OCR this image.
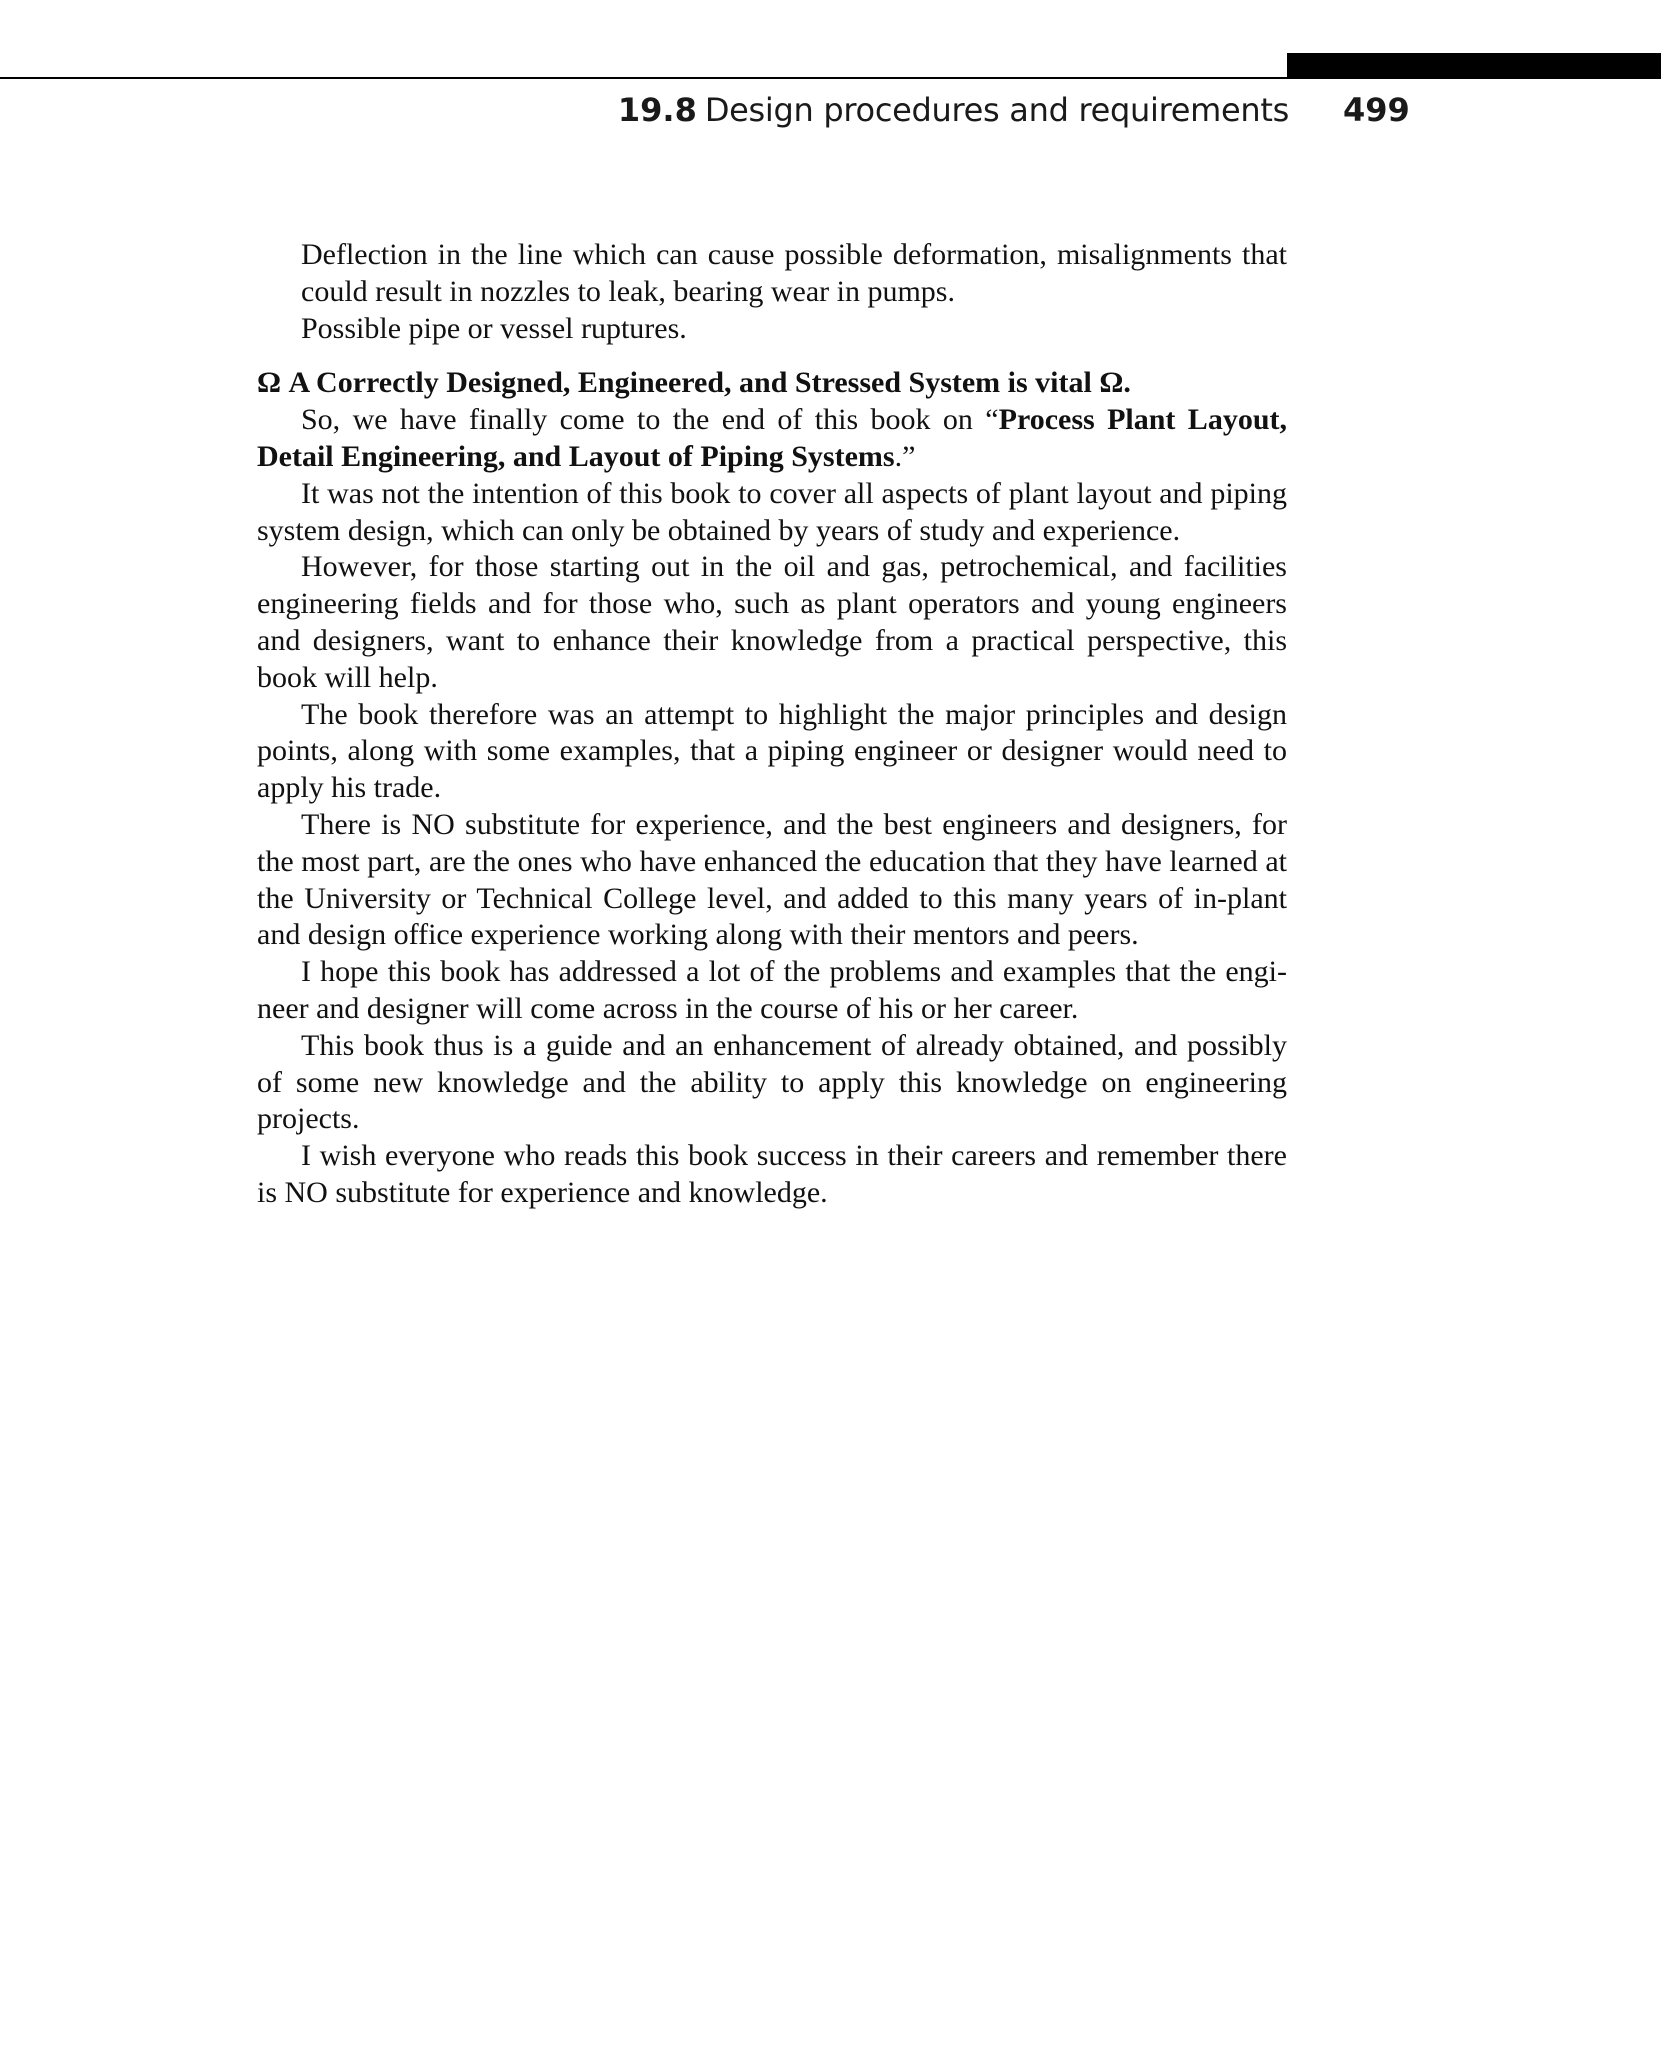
19.8 Design procedures and requirements 499

Deflection in the line which can cause possible deformation, misalignments that could result in nozzles to leak, bearing wear in pumps.

Possible pipe or vessel ruptures.

Ω A Correctly Designed, Engineered, and Stressed System is vital Ω.

So, we have finally come to the end of this book on “Process Plant Layout, Detail Engineering, and Layout of Piping Systems.”

It was not the intention of this book to cover all aspects of plant layout and piping system design, which can only be obtained by years of study and experience.

However, for those starting out in the oil and gas, petrochemical, and facilities engineering fields and for those who, such as plant operators and young engineers and designers, want to enhance their knowledge from a practical perspective, this book will help.

The book therefore was an attempt to highlight the major principles and design points, along with some examples, that a piping engineer or designer would need to apply his trade.

There is NO substitute for experience, and the best engineers and designers, for the most part, are the ones who have enhanced the education that they have learned at the University or Technical College level, and added to this many years of in-plant and design office experience working along with their mentors and peers.

I hope this book has addressed a lot of the problems and examples that the engi-neer and designer will come across in the course of his or her career.

This book thus is a guide and an enhancement of already obtained, and possibly of some new knowledge and the ability to apply this knowledge on engineering projects.

I wish everyone who reads this book success in their careers and remember there is NO substitute for experience and knowledge.
